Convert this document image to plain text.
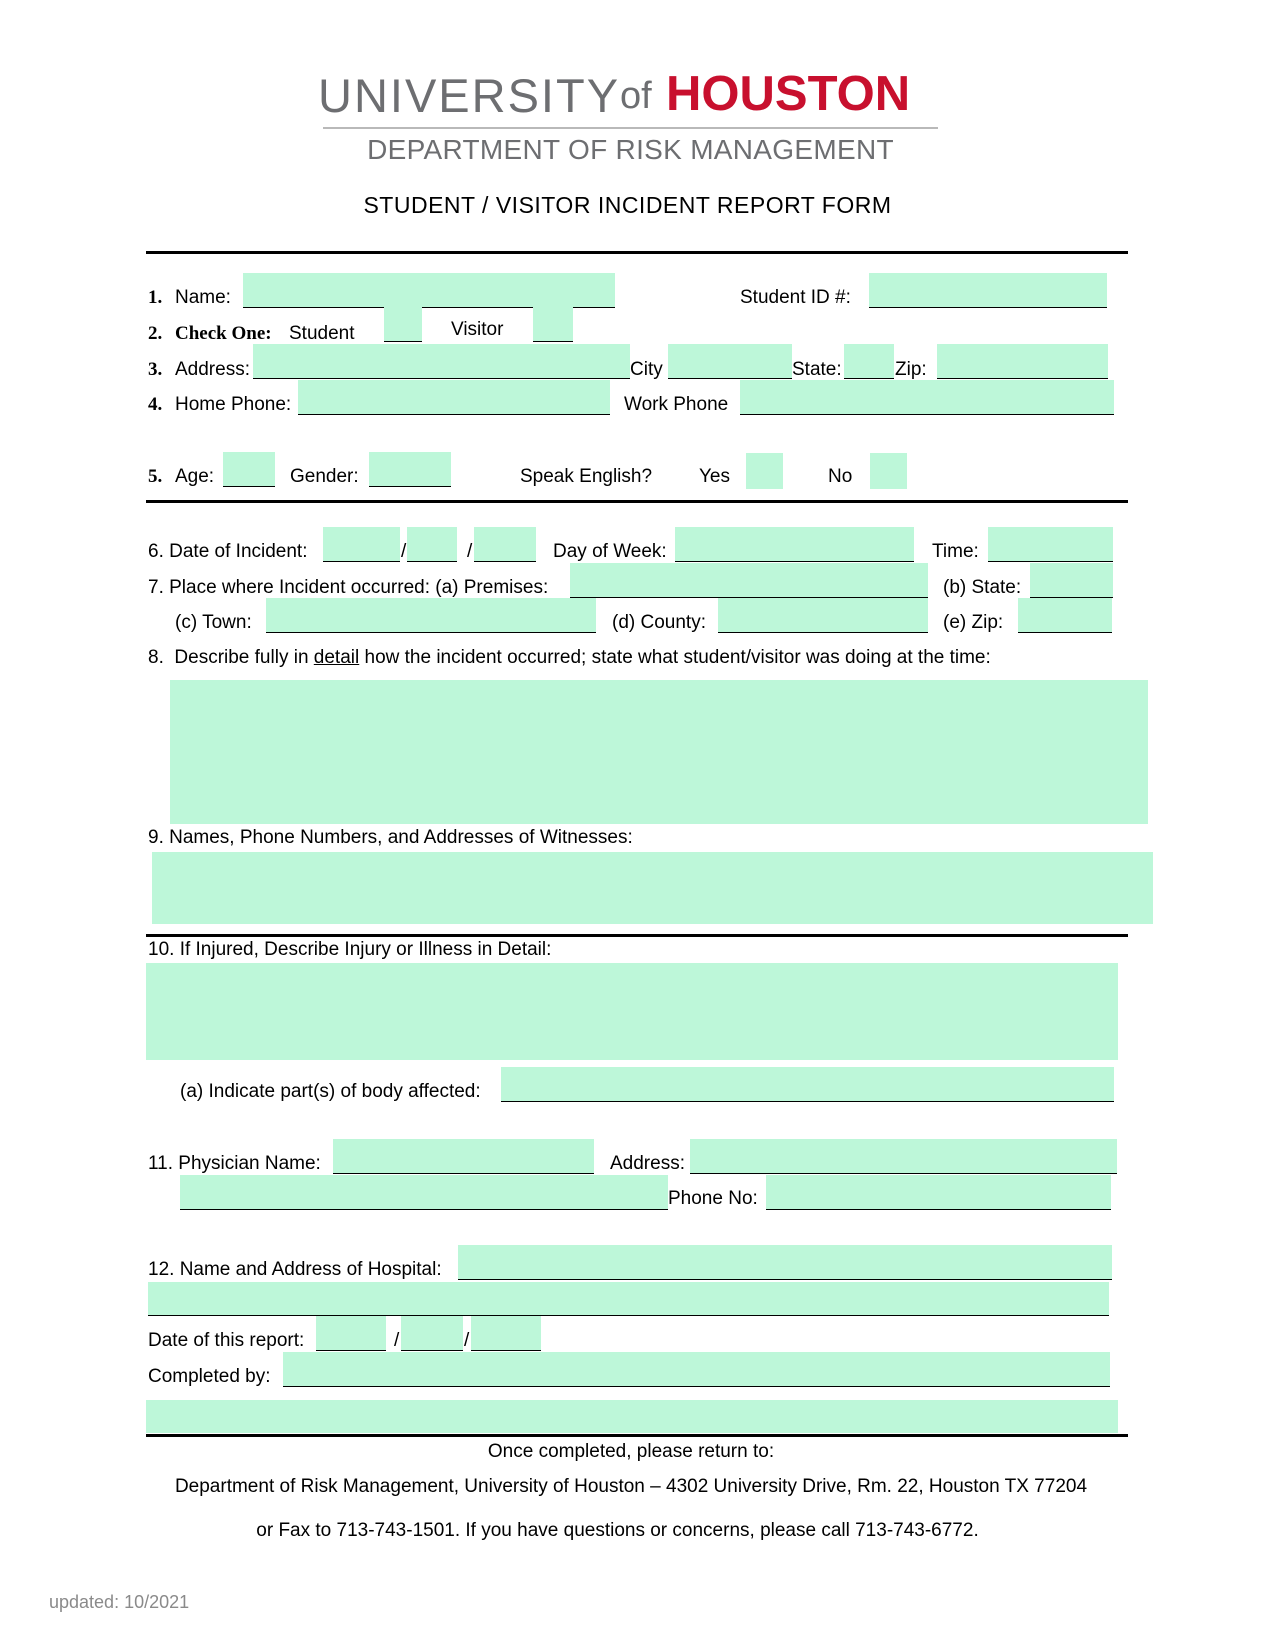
UNIVERSITY of HOUSTON
DEPARTMENT OF RISK MANAGEMENT
STUDENT / VISITOR INCIDENT REPORT FORM
1. Name:	Student ID #:
2. Check One: Student	Visitor
3. Address:	City	State:	Zip:
4. Home Phone:	Work Phone
5. Age:	Gender:	Speak English? Yes	No
6. Date of Incident:	/	/	Day of Week:	Time:
7. Place where Incident occurred: (a) Premises:	(b) State:
(c) Town:	(d) County:	(e) Zip:
8.  Describe fully in detail how the incident occurred; state what student/visitor was doing at the time:
9. Names, Phone Numbers, and Addresses of Witnesses:
10. If Injured, Describe Injury or Illness in Detail:
(a) Indicate part(s) of body affected:
11. Physician Name:	Address:
Phone No:
12. Name and Address of Hospital:
Date of this report:	/	/
Completed by:
Once completed, please return to:
Department of Risk Management, University of Houston – 4302 University Drive, Rm. 22, Houston TX 77204
or Fax to 713-743-1501. If you have questions or concerns, please call 713-743-6772.
updated: 10/2021
